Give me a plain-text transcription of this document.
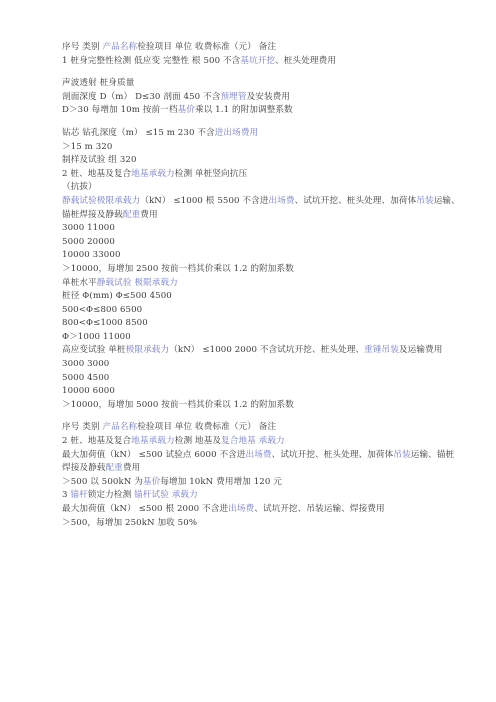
序号 类别 产品名称检验项目 单位 收费标准（元） 备注
1 桩身完整性检测 低应变 完整性 根 500 不含基坑开挖、桩头处理费用
声波透射 桩身质量
剖面深度 D（m） D≤30 剖面 450 不含预埋管及安装费用
D＞30 每增加 10m 按前一档基价乘以 1.1 的附加调整系数
钻芯 钻孔深度（m） ≤15 m 230 不含进出场费用
＞15 m 320
制样及试验 组 320
2 桩、地基及复合地基承载力检测 单桩竖向抗压
（抗拔）
静载试验极限承载力（kN） ≤1000 根 5500 不含进出场费、试坑开挖、桩头处理、加荷体吊装运输、锚桩焊接及静载配重费用
3000 11000
5000 20000
10000 33000
＞10000，每增加 2500 按前一档其价乘以 1.2 的附加系数
单桩水平静载试验 极限承载力
桩径 Φ(mm) Φ≤500 4500
500<Φ≤800 6500
800<Φ≤1000 8500
Φ＞1000 11000
高应变试验 单桩极限承载力（kN） ≤1000 2000 不含试坑开挖、桩头处理、重锤吊装及运输费用
3000 3000
5000 4500
10000 6000
＞10000，每增加 5000 按前一档其价乘以 1.2 的附加系数
序号 类别 产品名称检验项目 单位 收费标准（元） 备注
2 桩、地基及复合地基承载力检测 地基及复合地基 承载力
最大加荷值（kN） ≤500 试验点 6000 不含进出场费、试坑开挖、桩头处理、加荷体吊装运输、锚桩焊接及静载配重费用
＞500 以 500kN 为基价每增加 10kN 费用增加 120 元
3 锚杆锁定力检测 锚杆试验 承载力
最大加荷值（kN） ≤500 根 2000 不含进出场费、试坑开挖、吊装运输、焊接费用
＞500，每增加 250kN 加收 50%
